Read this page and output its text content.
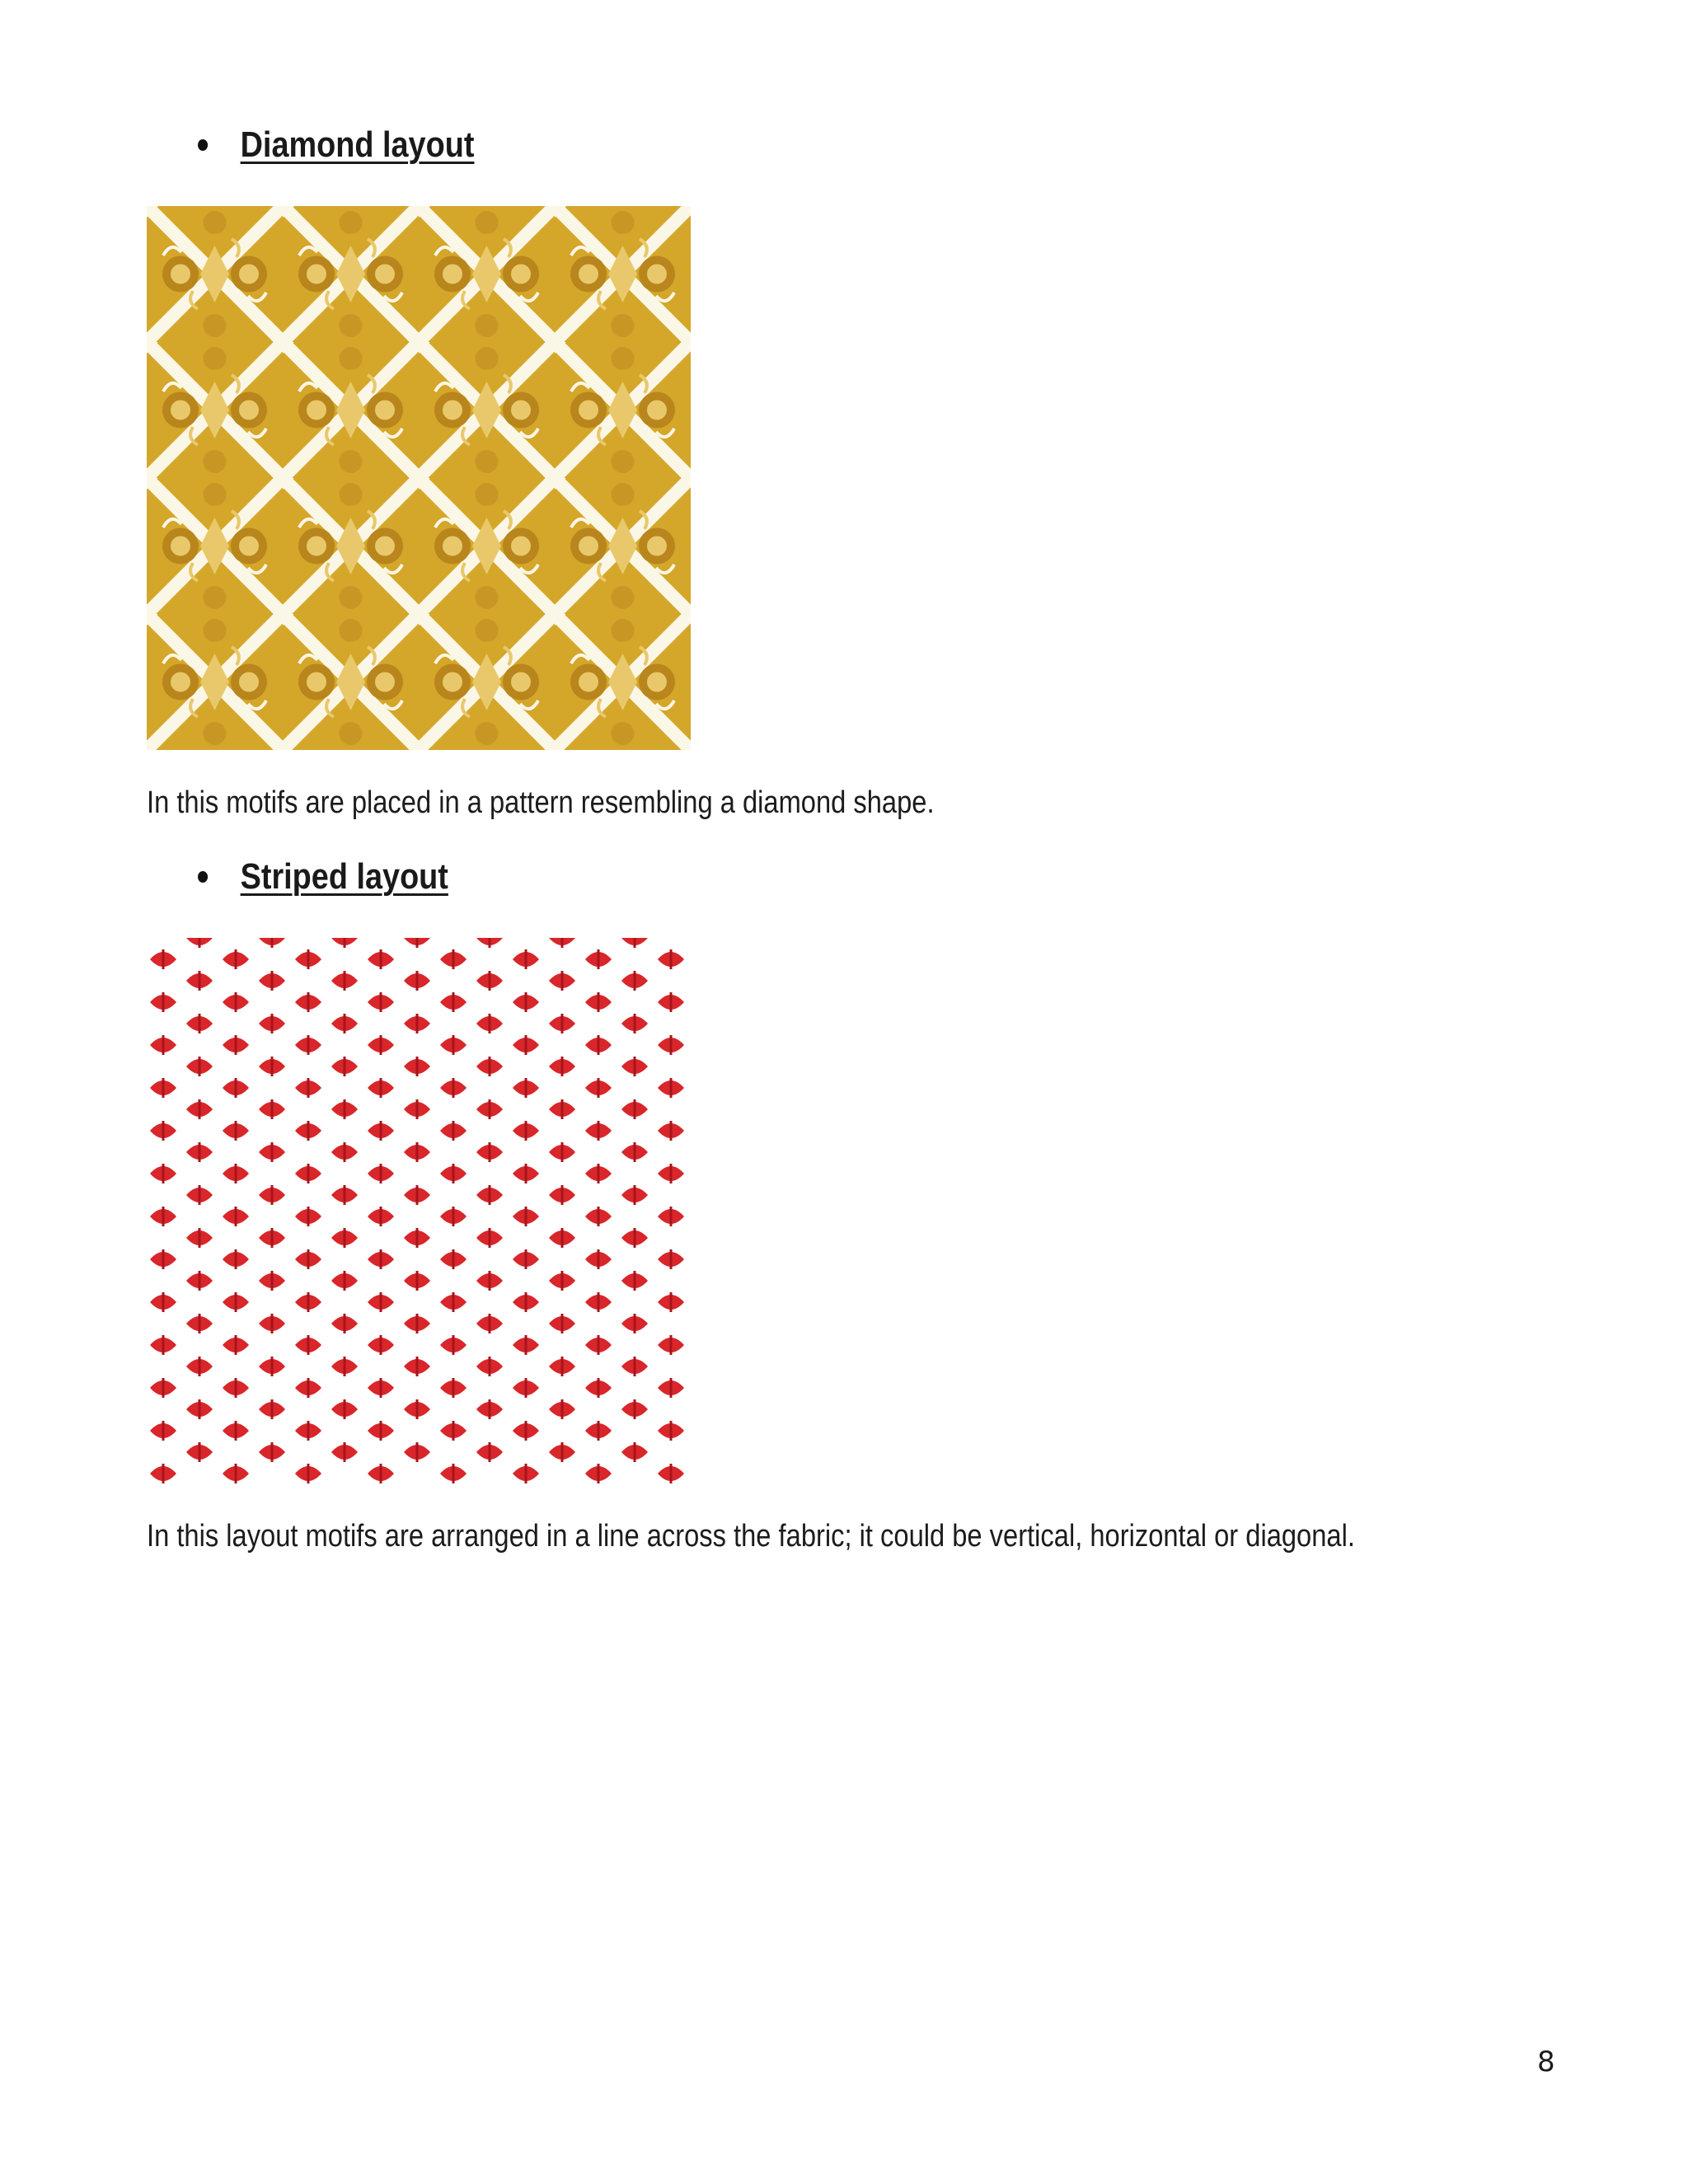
Diamond layout
In this motifs are placed in a pattern resembling a diamond shape.
Striped layout
In this layout motifs are arranged in a line across the fabric; it could be vertical, horizontal or diagonal.
8
